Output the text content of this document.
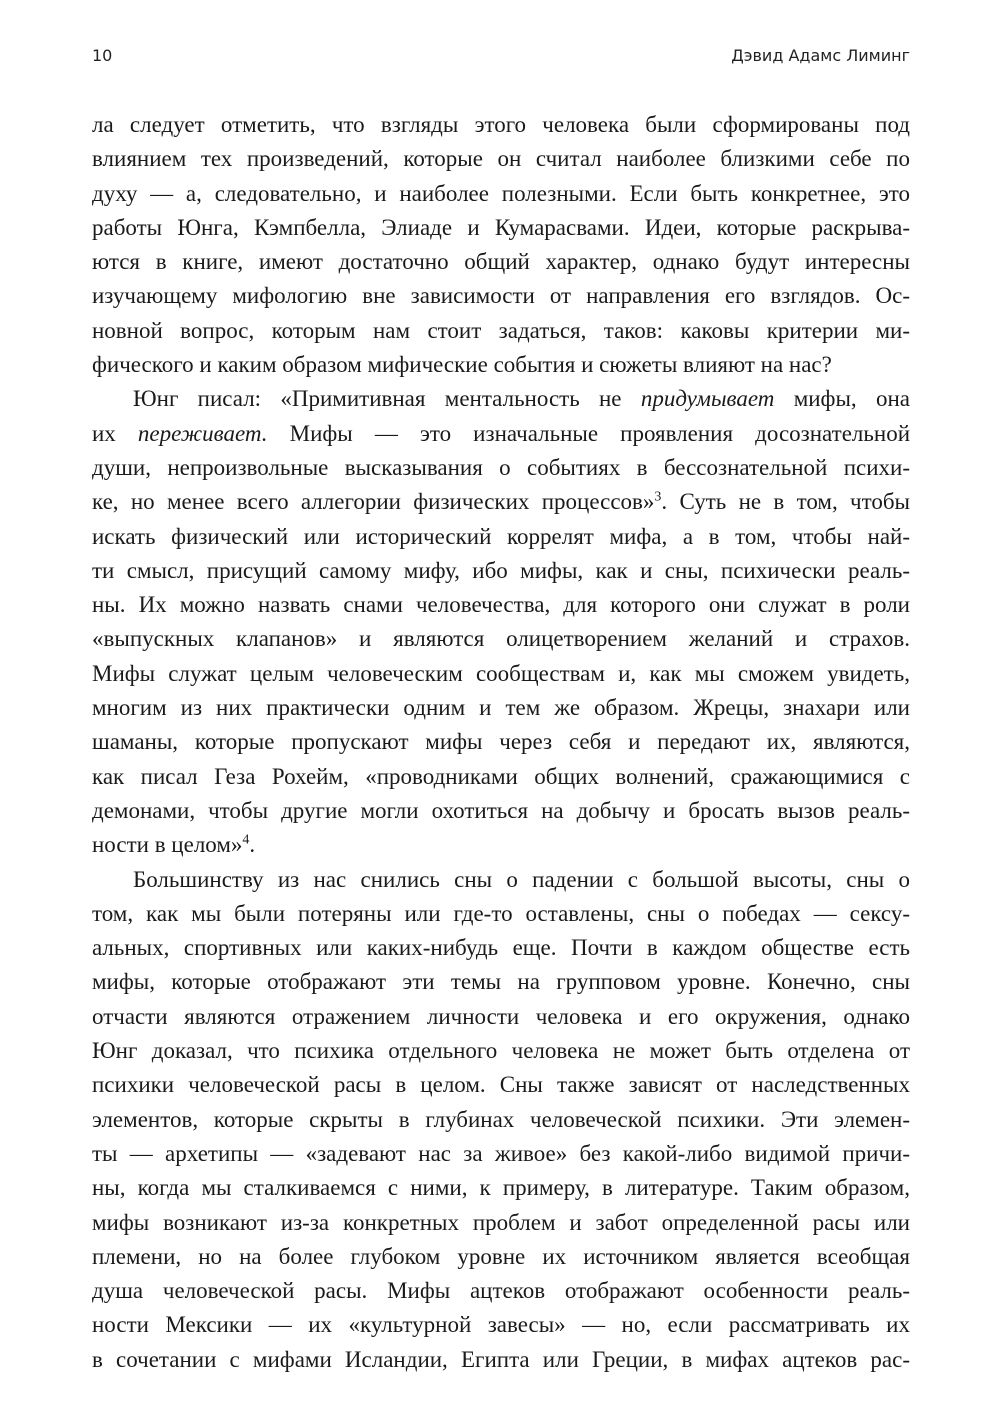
10	Дэвид Адамс Лиминг
ла следует отметить, что взгляды этого человека были сформированы под
влиянием тех произведений, которые он считал наиболее близкими себе по
духу — а, следовательно, и наиболее полезными. Если быть конкретнее, это
работы Юнга, Кэмпбелла, Элиаде и Кумарасвами. Идеи, которые раскрыва-
ются в книге, имеют достаточно общий характер, однако будут интересны
изучающему мифологию вне зависимости от направления его взглядов. Ос-
новной вопрос, которым нам стоит задаться, таков: каковы критерии ми-
фического и каким образом мифические события и сюжеты влияют на нас?
Юнг писал: «Примитивная ментальность не придумывает мифы, она
их переживает. Мифы — это изначальные проявления досознательной
души, непроизвольные высказывания о событиях в бессознательной психи-
ке, но менее всего аллегории физических процессов»$^3$. Суть не в том, чтобы
искать физический или исторический коррелят мифа, а в том, чтобы най-
ти смысл, присущий самому мифу, ибо мифы, как и сны, психически реаль-
ны. Их можно назвать снами человечества, для которого они служат в роли
«выпускных клапанов» и являются олицетворением желаний и страхов.
Мифы служат целым человеческим сообществам и, как мы сможем увидеть,
многим из них практически одним и тем же образом. Жрецы, знахари или
шаманы, которые пропускают мифы через себя и передают их, являются,
как писал Геза Рохейм, «проводниками общих волнений, сражающимися с
демонами, чтобы другие могли охотиться на добычу и бросать вызов реаль-
ности в целом»$^4$.
Большинству из нас снились сны о падении с большой высоты, сны о
том, как мы были потеряны или где-то оставлены, сны о победах — сексу-
альных, спортивных или каких-нибудь еще. Почти в каждом обществе есть
мифы, которые отображают эти темы на групповом уровне. Конечно, сны
отчасти являются отражением личности человека и его окружения, однако
Юнг доказал, что психика отдельного человека не может быть отделена от
психики человеческой расы в целом. Сны также зависят от наследственных
элементов, которые скрыты в глубинах человеческой психики. Эти элемен-
ты — архетипы — «задевают нас за живое» без какой-либо видимой причи-
ны, когда мы сталкиваемся с ними, к примеру, в литературе. Таким образом,
мифы возникают из-за конкретных проблем и забот определенной расы или
племени, но на более глубоком уровне их источником является всеобщая
душа человеческой расы. Мифы ацтеков отображают особенности реаль-
ности Мексики — их «культурной завесы» — но, если рассматривать их
в сочетании с мифами Исландии, Египта или Греции, в мифах ацтеков рас-
